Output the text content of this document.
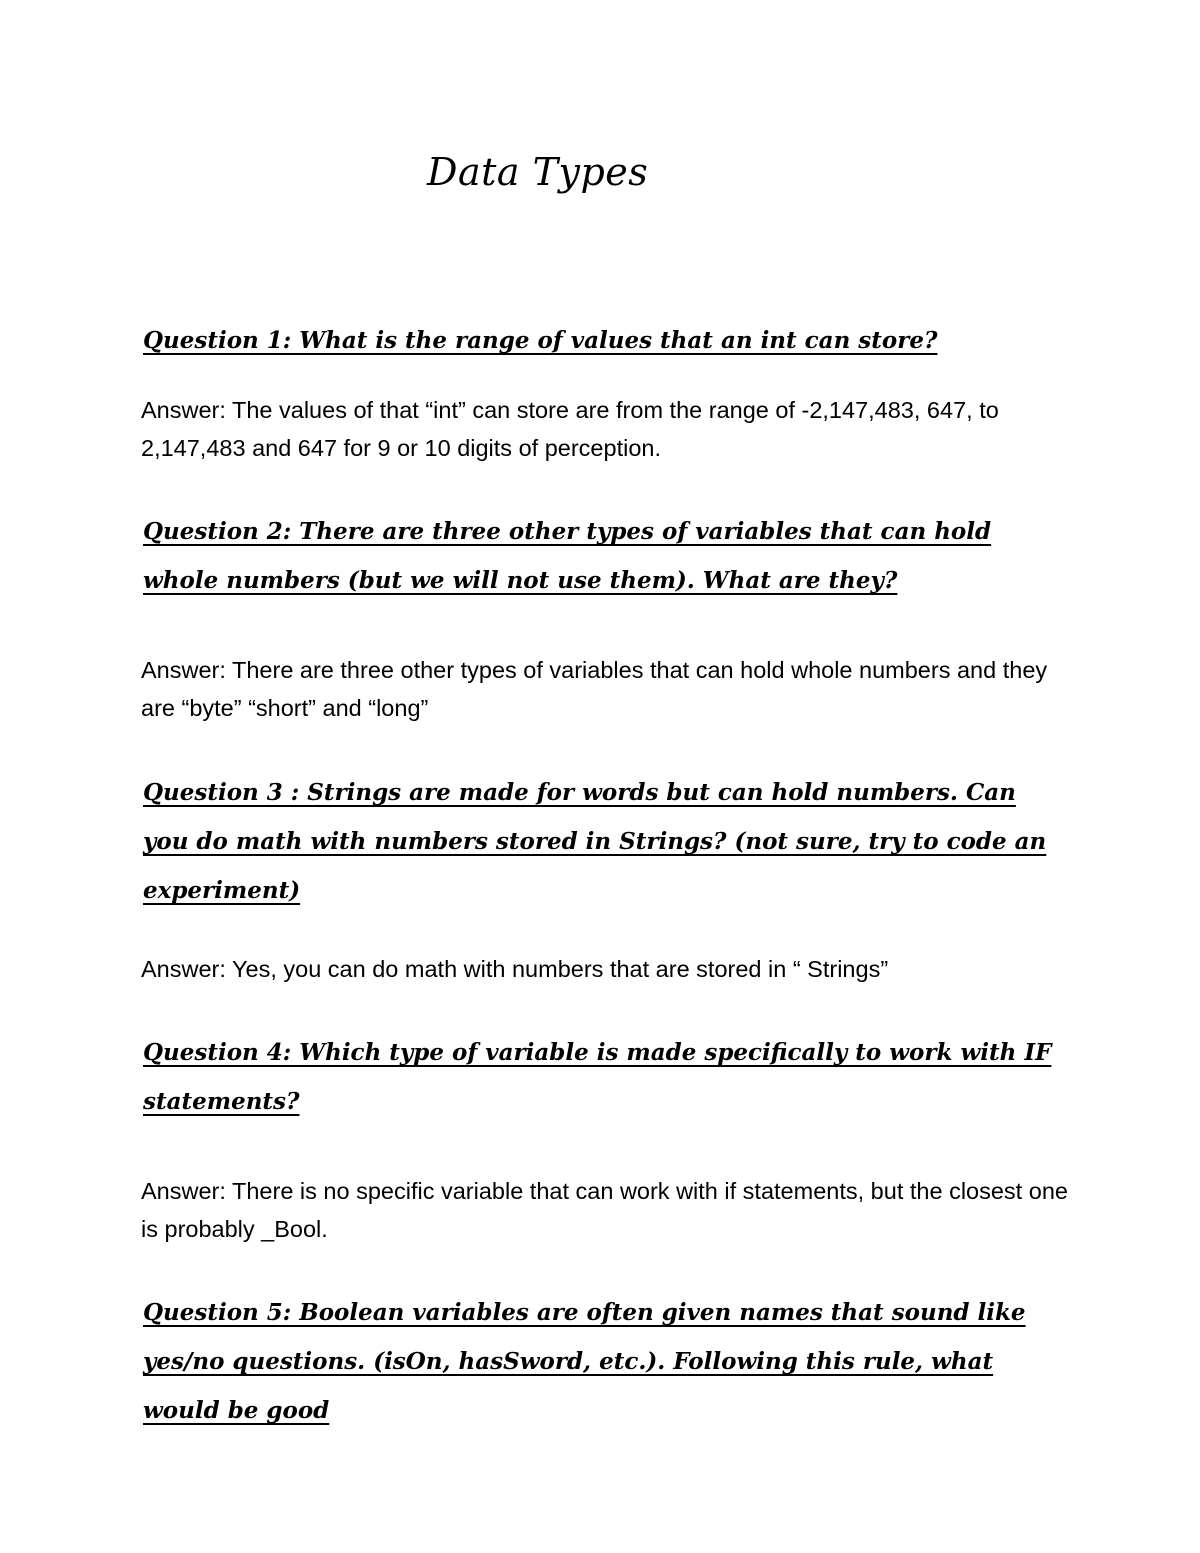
Data Types

Question 1: What is the range of values that an int can store?

Answer: The values of that “int” can store are from the range of -2,147,483, 647, to 2,147,483 and 647 for 9 or 10 digits of perception.

Question 2: There are three other types of variables that can hold whole numbers (but we will not use them). What are they?

Answer: There are three other types of variables that can hold whole numbers and they are “byte” “short” and “long”

Question 3 : Strings are made for words but can hold numbers. Can you do math with numbers stored in Strings? (not sure, try to code an experiment)

Answer: Yes, you can do math with numbers that are stored in “ Strings”

Question 4: Which type of variable is made specifically to work with IF statements?

Answer: There is no specific variable that can work with if statements, but the closest one is probably _Bool.

Question 5: Boolean variables are often given names that sound like yes/no questions. (isOn, hasSword, etc.). Following this rule, what would be good
